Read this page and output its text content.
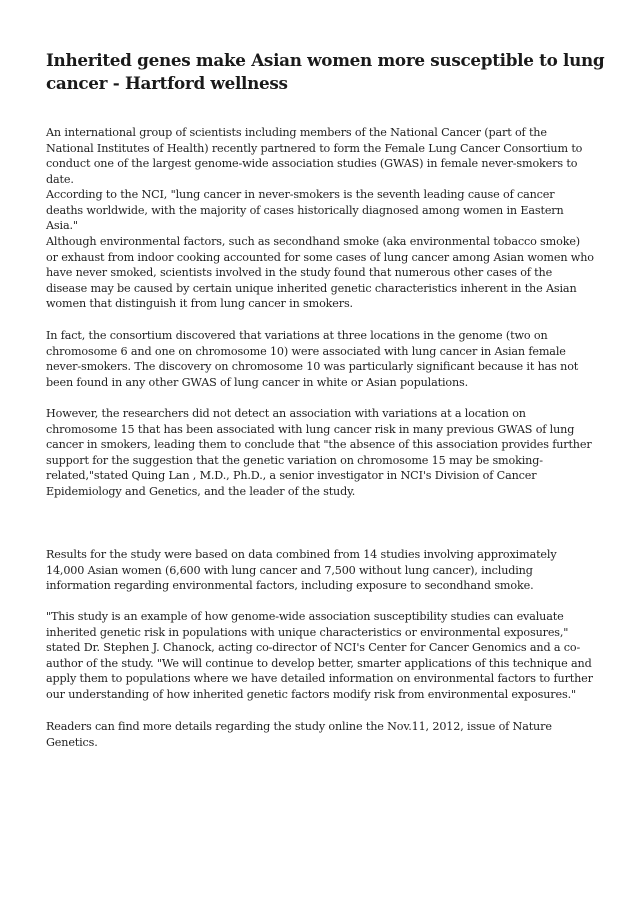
Inherited genes make Asian women more susceptible to lung cancer - Hartford wellness

An international group of scientists including members of the National Cancer (part of the National Institutes of Health) recently partnered to form the Female Lung Cancer Consortium to conduct one of the largest genome-wide association studies (GWAS) in female never-smokers to date.

According to the NCI, "lung cancer in never-smokers is the seventh leading cause of cancer deaths worldwide, with the majority of cases historically diagnosed among women in Eastern Asia."

Although environmental factors, such as secondhand smoke (aka environmental tobacco smoke) or exhaust from indoor cooking accounted for some cases of lung cancer among Asian women who have never smoked, scientists involved in the study found that numerous other cases of the disease may be caused by certain unique inherited genetic characteristics inherent in the Asian women that distinguish it from lung cancer in smokers.

In fact, the consortium discovered that variations at three locations in the genome (two on chromosome 6 and one on chromosome 10) were associated with lung cancer in Asian female never-smokers. The discovery on chromosome 10 was particularly significant because it has not been found in any other GWAS of lung cancer in white or Asian populations.

However, the researchers did not detect an association with variations at a location on chromosome 15 that has been associated with lung cancer risk in many previous GWAS of lung cancer in smokers, leading them to conclude that "the absence of this association provides further support for the suggestion that the genetic variation on chromosome 15 may be smoking-related,"stated Quing Lan , M.D., Ph.D., a senior investigator in NCI's Division of Cancer Epidemiology and Genetics, and the leader of the study.

Results for the study were based on data combined from 14 studies involving approximately 14,000 Asian women (6,600 with lung cancer and 7,500 without lung cancer), including information regarding environmental factors, including exposure to secondhand smoke.

"This study is an example of how genome-wide association susceptibility studies can evaluate inherited genetic risk in populations with unique characteristics or environmental exposures," stated Dr. Stephen J. Chanock, acting co-director of NCI's Center for Cancer Genomics and a co-author of the study. "We will continue to develop better, smarter applications of this technique and apply them to populations where we have detailed information on environmental factors to further our understanding of how inherited genetic factors modify risk from environmental exposures."

Readers can find more details regarding the study online the Nov.11, 2012, issue of Nature Genetics.
